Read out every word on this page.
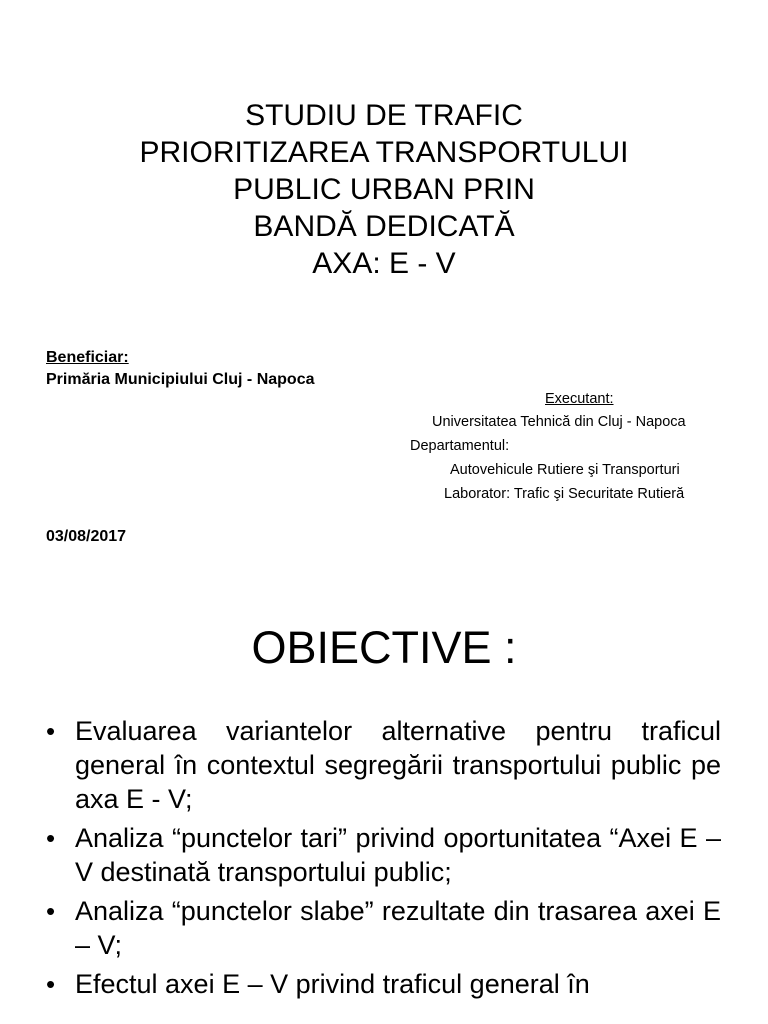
STUDIU DE TRAFIC
PRIORITIZAREA TRANSPORTULUI
PUBLIC URBAN PRIN
BANDĂ DEDICATĂ
AXA: E - V
Beneficiar:
Primăria Municipiului Cluj - Napoca
Executant:
Universitatea Tehnică din Cluj - Napoca
Departamentul:
Autovehicule Rutiere şi Transporturi
Laborator: Trafic şi Securitate Rutieră
03/08/2017
OBIECTIVE :
• Evaluarea variantelor alternative pentru traficul general în contextul segregării transportului public pe axa E - V;
• Analiza “punctelor tari” privind oportunitatea “Axei E – V destinată transportului public;
• Analiza “punctelor slabe” rezultate din trasarea axei E – V;
• Efectul axei E – V privind traficul general în
